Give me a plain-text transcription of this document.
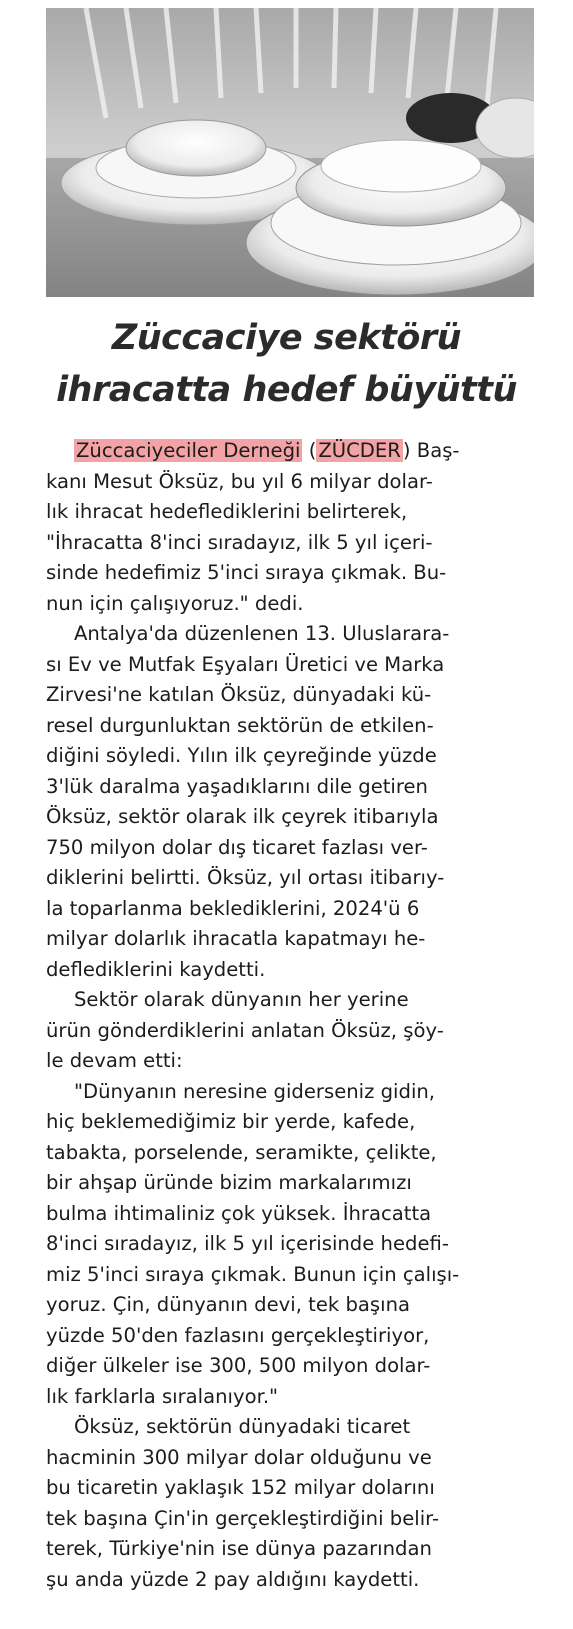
Züccaciye sektörü
ihracatta hedef büyüttü
Züccaciyeciler Derneği ( ZÜCDER ) Baş-
kanı Mesut Öksüz, bu yıl 6 milyar dolar-
lık ihracat hedeflediklerini belirterek,
"İhracatta 8'inci sıradayız, ilk 5 yıl içeri-
sinde hedefimiz 5'inci sıraya çıkmak. Bu-
nun için çalışıyoruz." dedi.
Antalya'da düzenlenen 13. Uluslarara-
sı Ev ve Mutfak Eşyaları Üretici ve Marka
Zirvesi'ne katılan Öksüz, dünyadaki kü-
resel durgunluktan sektörün de etkilen-
diğini söyledi. Yılın ilk çeyreğinde yüzde
3'lük daralma yaşadıklarını dile getiren
Öksüz, sektör olarak ilk çeyrek itibarıyla
750 milyon dolar dış ticaret fazlası ver-
diklerini belirtti. Öksüz, yıl ortası itibarıy-
la toparlanma beklediklerini, 2024'ü 6
milyar dolarlık ihracatla kapatmayı he-
deflediklerini kaydetti.
Sektör olarak dünyanın her yerine
ürün gönderdiklerini anlatan Öksüz, şöy-
le devam etti:
"Dünyanın neresine giderseniz gidin,
hiç beklemediğimiz bir yerde, kafede,
tabakta, porselende, seramikte, çelikte,
bir ahşap üründe bizim markalarımızı
bulma ihtimaliniz çok yüksek. İhracatta
8'inci sıradayız, ilk 5 yıl içerisinde hedefi-
miz 5'inci sıraya çıkmak. Bunun için çalışı-
yoruz. Çin, dünyanın devi, tek başına
yüzde 50'den fazlasını gerçekleştiriyor,
diğer ülkeler ise 300, 500 milyon dolar-
lık farklarla sıralanıyor."
Öksüz, sektörün dünyadaki ticaret
hacminin 300 milyar dolar olduğunu ve
bu ticaretin yaklaşık 152 milyar dolarını
tek başına Çin'in gerçekleştirdiğini belir-
terek, Türkiye'nin ise dünya pazarından
şu anda yüzde 2 pay aldığını kaydetti.
